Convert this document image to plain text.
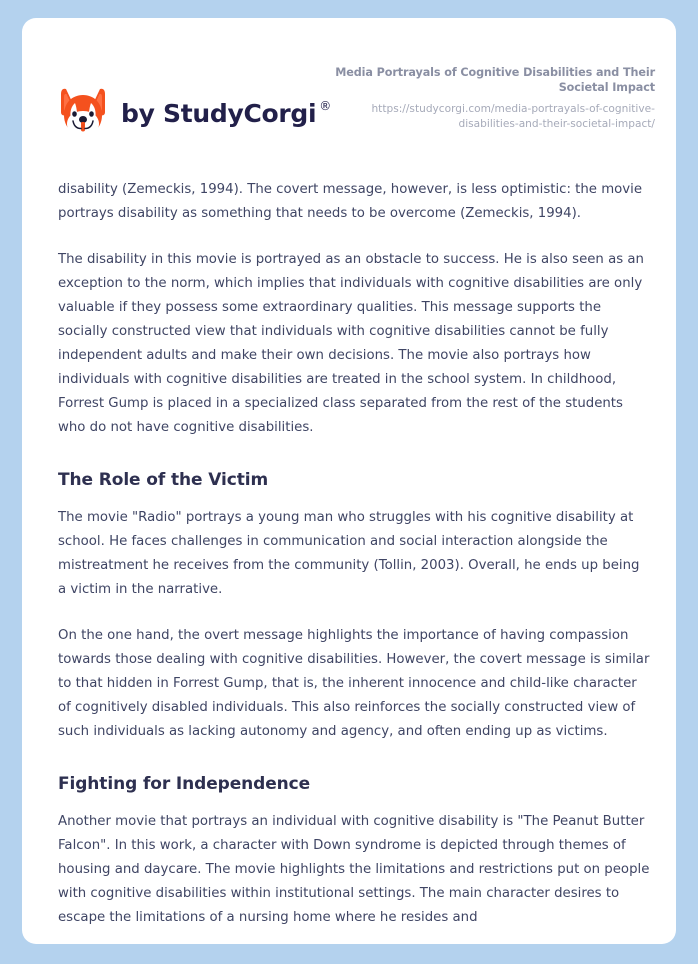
by StudyCorgi ®
Media Portrayals of Cognitive Disabilities and Their Societal Impact
https://studycorgi.com/media-portrayals-of-cognitive-disabilities-and-their-societal-impact/

disability (Zemeckis, 1994). The covert message, however, is less optimistic: the movie portrays disability as something that needs to be overcome (Zemeckis, 1994).

The disability in this movie is portrayed as an obstacle to success. He is also seen as an exception to the norm, which implies that individuals with cognitive disabilities are only valuable if they possess some extraordinary qualities. This message supports the socially constructed view that individuals with cognitive disabilities cannot be fully independent adults and make their own decisions. The movie also portrays how individuals with cognitive disabilities are treated in the school system. In childhood, Forrest Gump is placed in a specialized class separated from the rest of the students who do not have cognitive disabilities.

The Role of the Victim

The movie "Radio" portrays a young man who struggles with his cognitive disability at school. He faces challenges in communication and social interaction alongside the mistreatment he receives from the community (Tollin, 2003). Overall, he ends up being a victim in the narrative.

On the one hand, the overt message highlights the importance of having compassion towards those dealing with cognitive disabilities. However, the covert message is similar to that hidden in Forrest Gump, that is, the inherent innocence and child-like character of cognitively disabled individuals. This also reinforces the socially constructed view of such individuals as lacking autonomy and agency, and often ending up as victims.

Fighting for Independence

Another movie that portrays an individual with cognitive disability is "The Peanut Butter Falcon". In this work, a character with Down syndrome is depicted through themes of housing and daycare. The movie highlights the limitations and restrictions put on people with cognitive disabilities within institutional settings. The main character desires to escape the limitations of a nursing home where he resides and
